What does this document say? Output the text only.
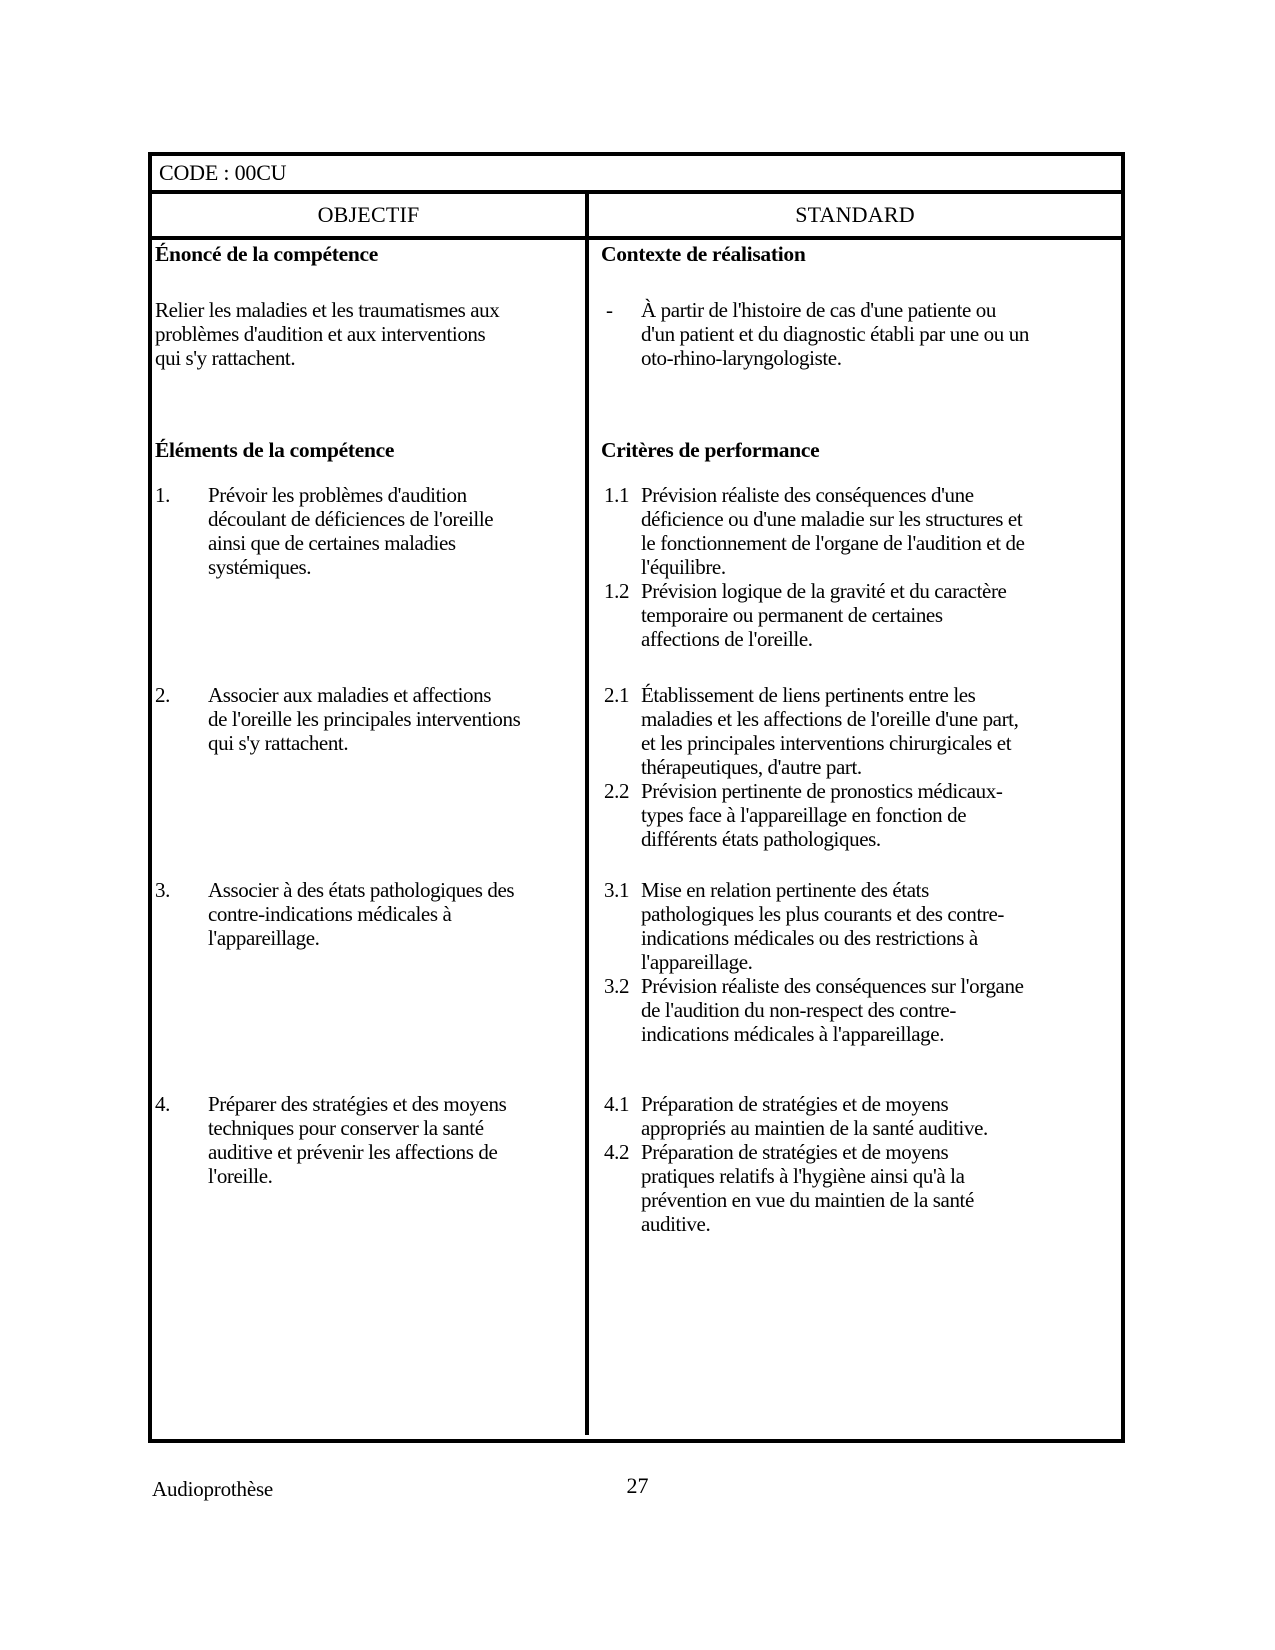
CODE : 00CU
OBJECTIF	STANDARD
Énoncé de la compétence
Relier les maladies et les traumatismes aux
problèmes d'audition et aux interventions
qui s'y rattachent.
Éléments de la compétence
1. Prévoir les problèmes d'audition
découlant de déficiences de l'oreille
ainsi que de certaines maladies
systémiques.
2. Associer aux maladies et affections
de l'oreille les principales interventions
qui s'y rattachent.
3. Associer à des états pathologiques des
contre-indications médicales à
l'appareillage.
4. Préparer des stratégies et des moyens
techniques pour conserver la santé
auditive et prévenir les affections de
l'oreille.
Contexte de réalisation
- À partir de l'histoire de cas d'une patiente ou
d'un patient et du diagnostic établi par une ou un
oto-rhino-laryngologiste.
Critères de performance
1.1 Prévision réaliste des conséquences d'une
déficience ou d'une maladie sur les structures et
le fonctionnement de l'organe de l'audition et de
l'équilibre.
1.2 Prévision logique de la gravité et du caractère
temporaire ou permanent de certaines
affections de l'oreille.
2.1 Établissement de liens pertinents entre les
maladies et les affections de l'oreille d'une part,
et les principales interventions chirurgicales et
thérapeutiques, d'autre part.
2.2 Prévision pertinente de pronostics médicaux-
types face à l'appareillage en fonction de
différents états pathologiques.
3.1 Mise en relation pertinente des états
pathologiques les plus courants et des contre-
indications médicales ou des restrictions à
l'appareillage.
3.2 Prévision réaliste des conséquences sur l'organe
de l'audition du non-respect des contre-
indications médicales à l'appareillage.
4.1 Préparation de stratégies et de moyens
appropriés au maintien de la santé auditive.
4.2 Préparation de stratégies et de moyens
pratiques relatifs à l'hygiène ainsi qu'à la
prévention en vue du maintien de la santé
auditive.
Audioprothèse	27
